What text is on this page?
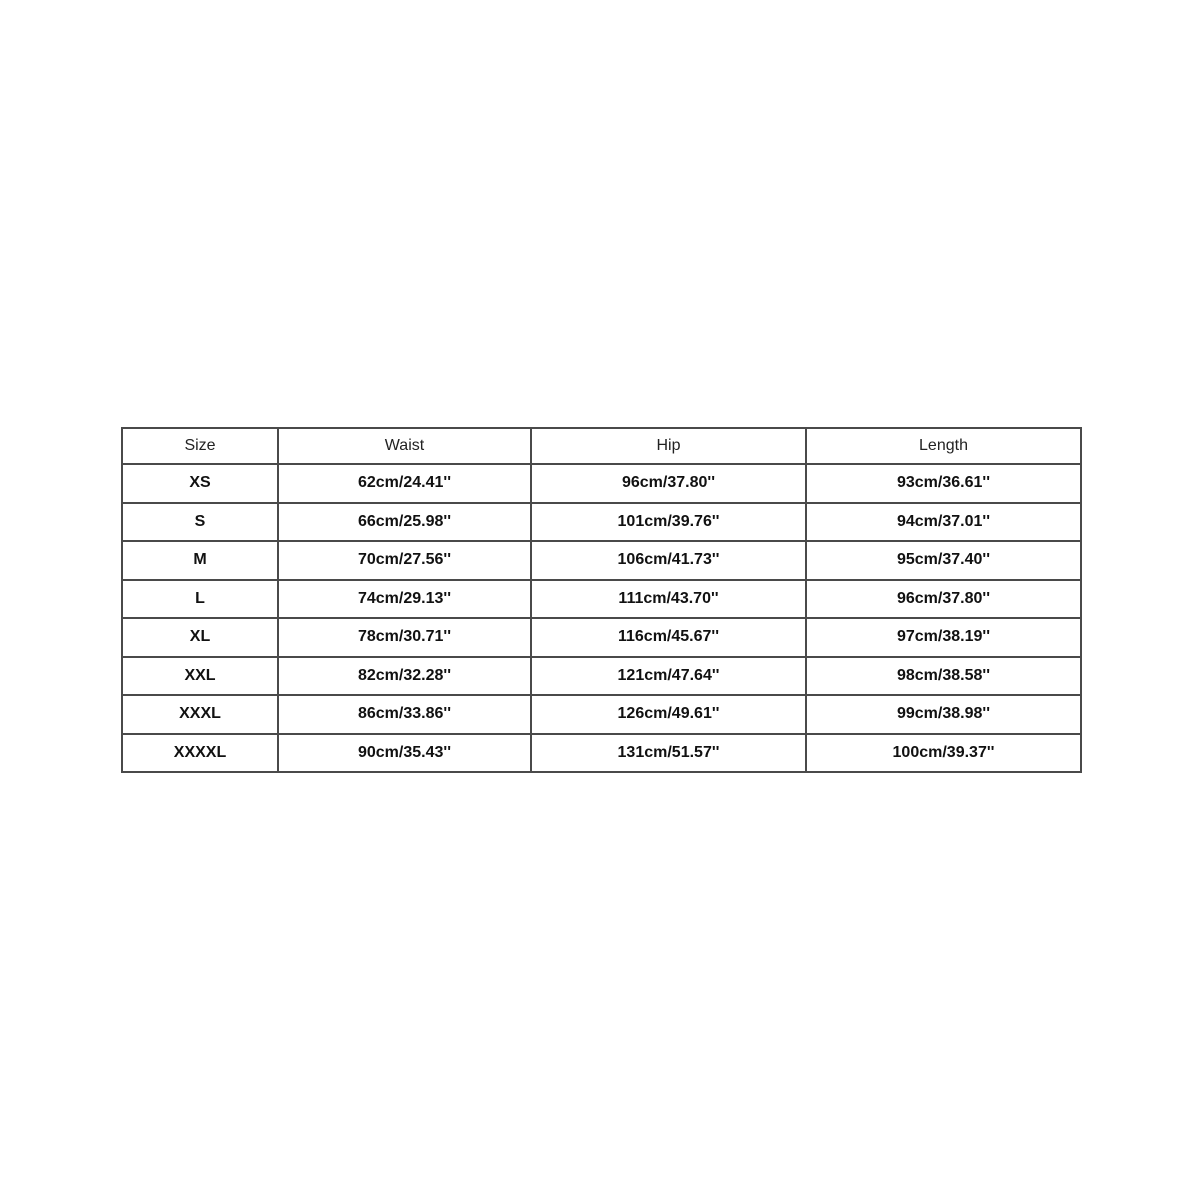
Size	Waist	Hip	Length
XS	62cm/24.41''	96cm/37.80''	93cm/36.61''
S	66cm/25.98''	101cm/39.76''	94cm/37.01''
M	70cm/27.56''	106cm/41.73''	95cm/37.40''
L	74cm/29.13''	111cm/43.70''	96cm/37.80''
XL	78cm/30.71''	116cm/45.67''	97cm/38.19''
XXL	82cm/32.28''	121cm/47.64''	98cm/38.58''
XXXL	86cm/33.86''	126cm/49.61''	99cm/38.98''
XXXXL	90cm/35.43''	131cm/51.57''	100cm/39.37''
